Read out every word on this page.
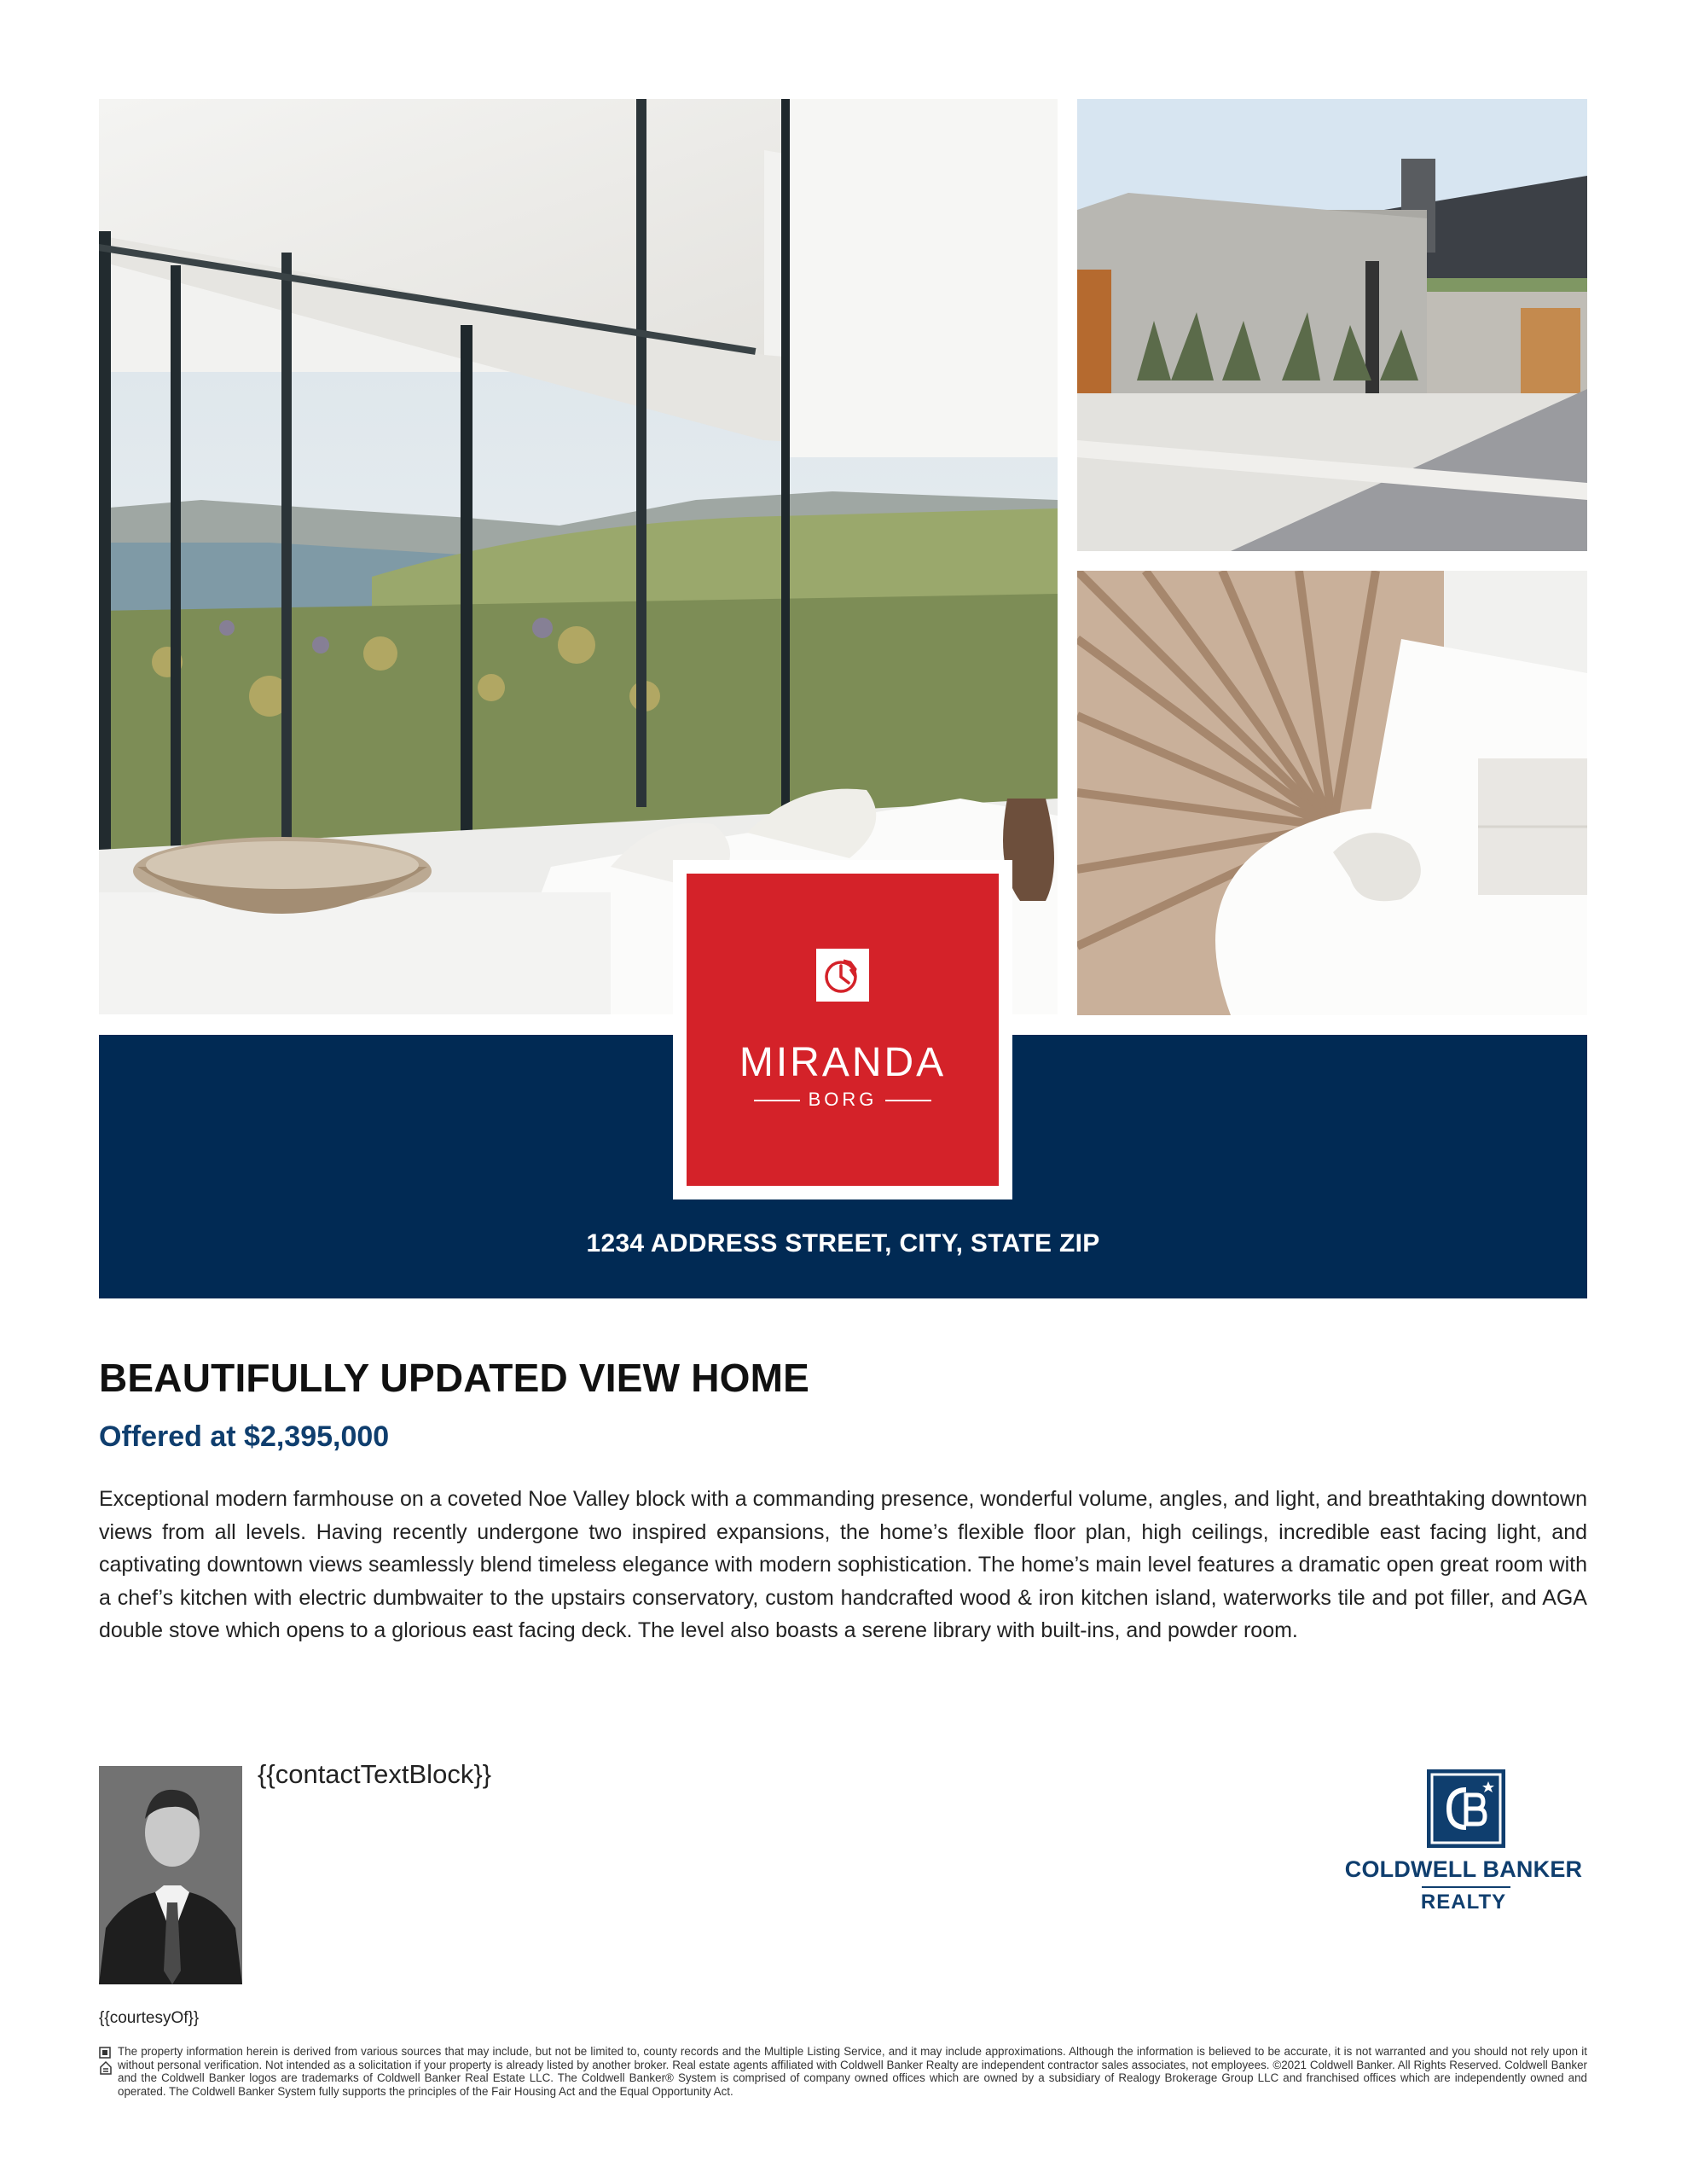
1234 ADDRESS STREET, CITY, STATE ZIP
MIRANDA
BORG
BEAUTIFULLY UPDATED VIEW HOME
Offered at $2,395,000

Exceptional modern farmhouse on a coveted Noe Valley block with a commanding presence, wonderful volume, angles, and light, and breathtaking downtown views from all levels. Having recently undergone two inspired expansions, the home’s flexible floor plan, high ceilings, incredible east facing light, and captivating downtown views seamlessly blend timeless elegance with modern sophistication. The home’s main level features a dramatic open great room with a chef’s kitchen with electric dumbwaiter to the upstairs conservatory, custom handcrafted wood & iron kitchen island, waterworks tile and pot filler, and AGA double stove which opens to a glorious east facing deck. The level also boasts a serene library with built-ins, and powder room.

{{contactTextBlock}}
{{courtesyOf}}
COLDWELL BANKER
REALTY

The property information herein is derived from various sources that may include, but not be limited to, county records and the Multiple Listing Service, and it may include approximations. Although the information is believed to be accurate, it is not warranted and you should not rely upon it without personal verification. Not intended as a solicitation if your property is already listed by another broker. Real estate agents affiliated with Coldwell Banker Realty are independent contractor sales associates, not employees. ©2021 Coldwell Banker. All Rights Reserved. Coldwell Banker and the Coldwell Banker logos are trademarks of Coldwell Banker Real Estate LLC. The Coldwell Banker® System is comprised of company owned offices which are owned by a subsidiary of Realogy Brokerage Group LLC and franchised offices which are independently owned and operated. The Coldwell Banker System fully supports the principles of the Fair Housing Act and the Equal Opportunity Act.
